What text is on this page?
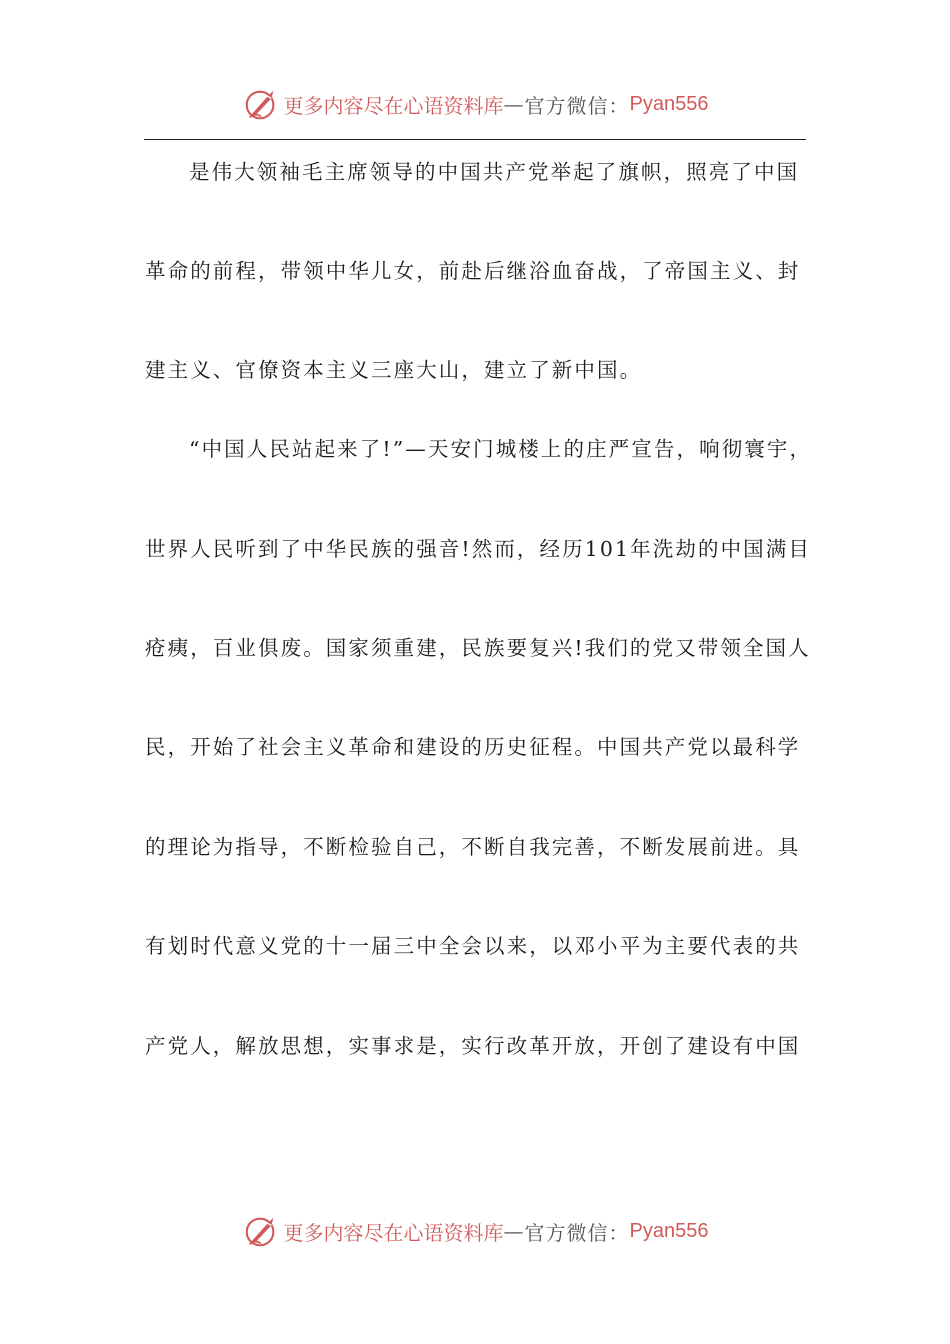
更多内容尽在心语资料库 — 官方微信： Pyan556
是伟大领袖毛主席领导的中国共产党举起了旗帜，照亮了中国
革命的前程，带领中华儿女，前赴后继浴血奋战，了帝国主义、封
建主义、官僚资本主义三座大山，建立了新中国。
“中国人民站起来了!”—天安门城楼上的庄严宣告，响彻寰宇，
世界人民听到了中华民族的强音!然而，经历101年洗劫的中国满目
疮痍，百业俱废。国家须重建，民族要复兴!我们的党又带领全国人
民，开始了社会主义革命和建设的历史征程。中国共产党以最科学
的理论为指导，不断检验自己，不断自我完善，不断发展前进。具
有划时代意义党的十一届三中全会以来，以邓小平为主要代表的共
产党人，解放思想，实事求是，实行改革开放，开创了建设有中国
更多内容尽在心语资料库 — 官方微信： Pyan556
